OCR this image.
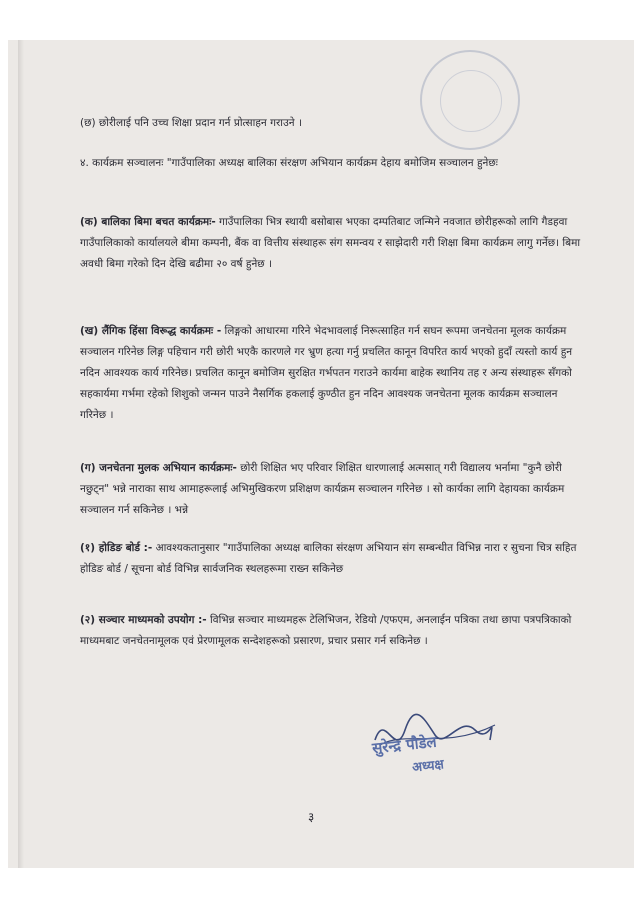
(छ) छोरीलाई पनि उच्च शिक्षा प्रदान गर्न प्रोत्साहन गराउने ।

४. कार्यक्रम सञ्चालनः "गाउँपालिका अध्यक्ष बालिका संरक्षण अभियान कार्यक्रम देहाय बमोजिम सञ्चालन हुनेछः

(क) बालिका बिमा बचत कार्यक्रमः- गाउँपालिका भित्र स्थायी बसोबास भएका दम्पतिबाट जन्मिने नवजात छोरीहरूको लागि गैडहवा गाउँपालिकाको कार्यालयले बीमा कम्पनी, बैंक वा वित्तीय संस्थाहरू संग समन्वय र साझेदारी गरी शिक्षा बिमा कार्यक्रम लागु गर्नेछ। बिमा अवधी बिमा गरेको दिन देखि बढीमा २० वर्ष हुनेछ ।

(ख) लैंगिक हिंसा विरूद्ध कार्यक्रमः - लिङ्गको आधारमा गरिने भेदभावलाई निरूत्साहित गर्न सघन रूपमा जनचेतना मूलक कार्यक्रम सञ्चालन गरिनेछ लिङ्ग पहिचान गरी छोरी भएकै कारणले गर भ्रुण हत्या गर्नु प्रचलित कानून विपरित कार्य भएको हुदाँ त्यस्तो कार्य हुन नदिन आवश्यक कार्य गरिनेछ। प्रचलित कानून बमोजिम सुरक्षित गर्भपतन गराउने कार्यमा बाहेक स्थानिय तह र अन्य संस्थाहरू सँगको सहकार्यमा गर्भमा रहेको शिशुको जन्मन पाउने नैसर्गिक हकलाई कुण्ठीत हुन नदिन आवश्यक जनचेतना मूलक कार्यक्रम सञ्चालन गरिनेछ ।

(ग) जनचेतना मुलक अभियान कार्यक्रमः- छोरी शिक्षित भए परिवार शिक्षित धारणालाई अत्मसात् गरी विद्यालय भर्नामा "कुनै छोरी नछुट्न" भन्ने नाराका साथ आमाहरूलाई अभिमुखिकरण प्रशिक्षण कार्यक्रम सञ्चालन गरिनेछ । सो कार्यका लागि देहायका कार्यक्रम सञ्चालन गर्न सकिनेछ । भन्ने

(१) होडिङ बोर्ड :- आवश्यकतानुसार "गाउँपालिका अध्यक्ष बालिका संरक्षण अभियान संग सम्बन्धीत विभिन्न नारा र सुचना चित्र सहित होडिङ बोर्ड / सूचना बोर्ड विभिन्न सार्वजनिक स्थलहरूमा राख्न सकिनेछ

(२) सञ्चार माध्यमको उपयोग :- विभिन्न सञ्चार माध्यमहरू टेलिभिजन, रेडियो /एफएम, अनलाईन पत्रिका तथा छापा पत्रपत्रिकाको माध्यमबाट जनचेतनामूलक एवं प्रेरणामूलक सन्देशहरूको प्रसारण, प्रचार प्रसार गर्न सकिनेछ ।

सुरेन्द्र पौडेल
अध्यक्ष
३
